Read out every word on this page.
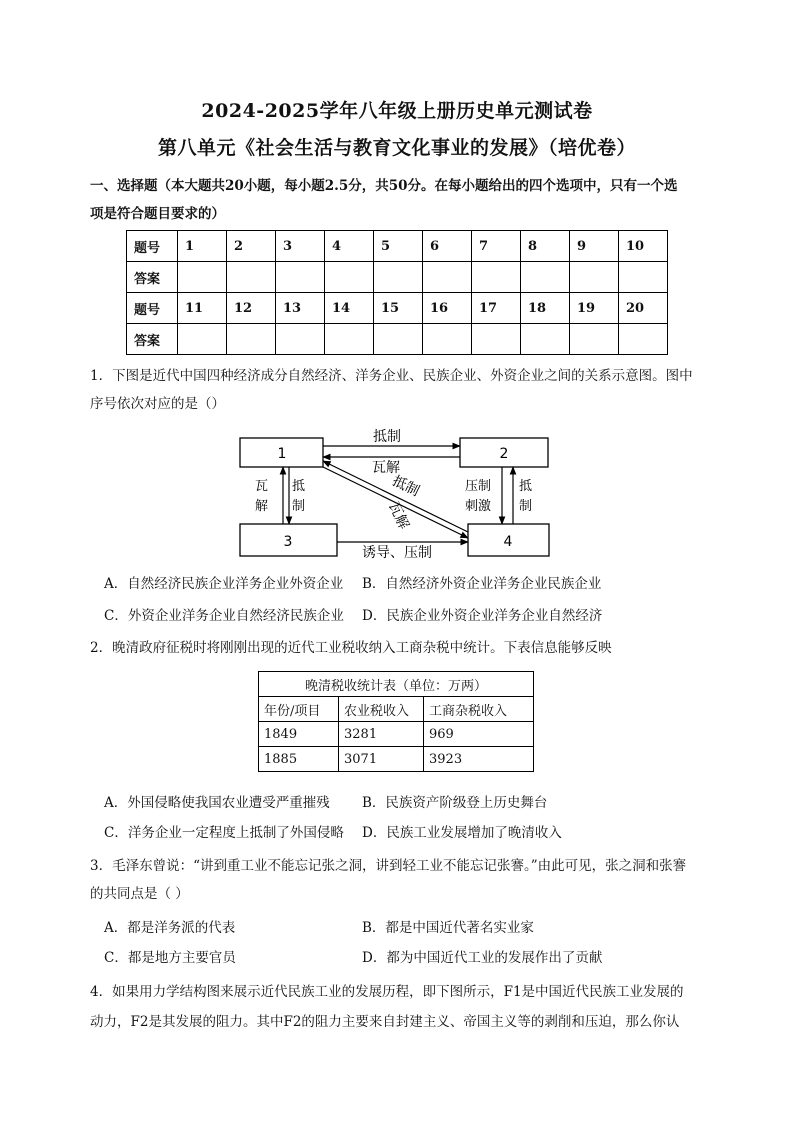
2024-2025学年八年级上册历史单元测试卷
第八单元《社会生活与教育文化事业的发展》（培优卷）
一、选择题（本大题共20小题，每小题2.5分，共50分。在每小题给出的四个选项中，只有一个选
项是符合题目要求的）
题号	1	2	3	4	5	6	7	8	9	10
答案										
题号	11	12	13	14	15	16	17	18	19	20
答案										
1．下图是近代中国四种经济成分自然经济、洋务企业、民族企业、外资企业之间的关系示意图。图中
序号依次对应的是（）
1	2
3	4
抵制
瓦解
抵制
瓦解
瓦 解
抵 制
压制 刺激
抵 制
诱导、压制
A．自然经济民族企业洋务企业外资企业 B．自然经济外资企业洋务企业民族企业
C．外资企业洋务企业自然经济民族企业 D．民族企业外资企业洋务企业自然经济
2．晚清政府征税时将刚刚出现的近代工业税收纳入工商杂税中统计。下表信息能够反映
晚清税收统计表（单位：万两）		
年份/项目	农业税收入	工商杂税收入
1849	3281	969
1885	3071	3923
A．外国侵略使我国农业遭受严重摧残 B．民族资产阶级登上历史舞台
C．洋务企业一定程度上抵制了外国侵略 D．民族工业发展增加了晚清收入
3．毛泽东曾说：“讲到重工业不能忘记张之洞，讲到轻工业不能忘记张謇。”由此可见，张之洞和张謇
的共同点是（ ）
A．都是洋务派的代表	B．都是中国近代著名实业家
C．都是地方主要官员	D．都为中国近代工业的发展作出了贡献
4．如果用力学结构图来展示近代民族工业的发展历程，即下图所示，F1是中国近代民族工业发展的
动力，F2是其发展的阻力。其中F2的阻力主要来自封建主义、帝国主义等的剥削和压迫，那么你认
